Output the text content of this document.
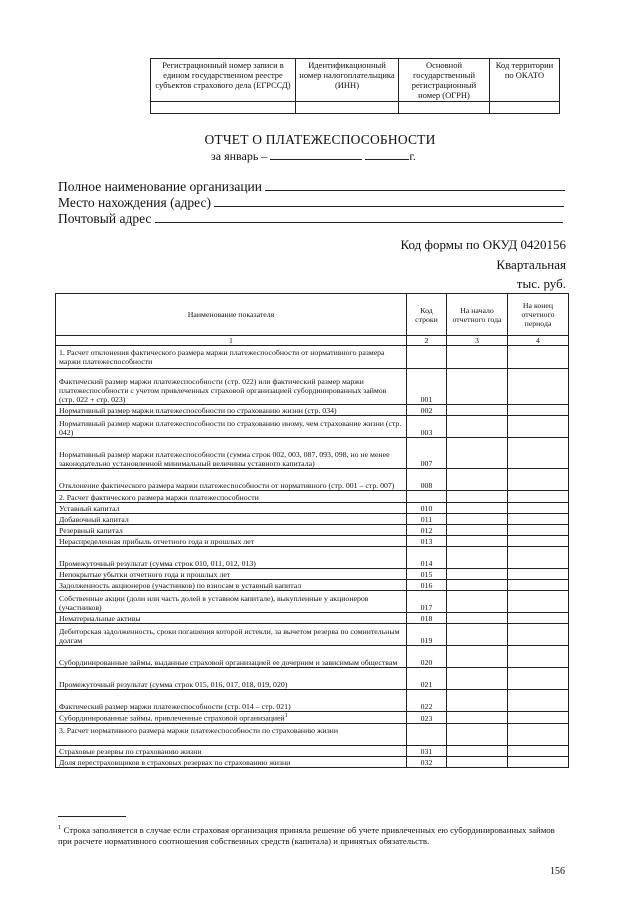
Регистрационный номер записи в едином государственном реестре субъектов страхового дела (ЕГРССД)	Идентификационный номер налогоплательщика (ИНН)	Основной государственный регистрационный номер (ОГРН)	Код территории по ОКАТО

ОТЧЕТ О ПЛАТЕЖЕСПОСОБНОСТИ
за январь –	г.
Полное наименование организации
Место нахождения (адрес)
Почтовый адрес
Код формы по ОКУД 0420156
Квартальная
тыс. руб.
Наименование показателя	Код строки	На начало отчетного года	На конец отчетного периода
1	2	3	4
1. Расчет отклонения фактического размера маржи платежеспособности от нормативного размера маржи платежеспособности			
Фактический размер маржи платежеспособности (стр. 022) или фактический размер маржи платежеспособности с учетом привлеченных страховой организацией субординированных займов (стр. 022 + стр. 023)	001		
Нормативный размер маржи платежеспособности по страхованию жизни (стр. 034)	002		
Нормативный размер маржи платежеспособности по страхованию иному, чем страхование жизни (стр. 042)	003		
Нормативный размер маржи платежеспособности (сумма строк 002, 003, 087, 093, 098, но не менее законодательно установленной минимальный величины уставного капитала)	007		
Отклонение фактического размера маржи платежеспособности от нормативного (стр. 001 – стр. 007)	008		
2. Расчет фактического размера маржи платежеспособности			
Уставный капитал	010		
Добавочный капитал	011		
Резервный капитал	012		
Нераспределенная прибыль отчетного года и прошлых лет	013		
Промежуточный результат (сумма строк 010, 011, 012, 013)	014		
Непокрытые убытки отчетного года и прошлых лет	015		
Задолженность акционеров (участников) по взносам в уставный капитал	016		
Собственные акции (доли или часть долей в уставном капитале), выкупленные у акционеров (участников)	017		
Нематериальные активы	018		
Дебиторская задолженность, сроки погашения которой истекли, за вычетом резерва по сомнительным долгам	019		
Субординированные займы, выданные страховой организацией ее дочерним и зависимым обществам	020		
Промежуточный результат (сумма строк 015, 016, 017, 018, 019, 020)	021		
Фактический размер маржи платежеспособности (стр. 014 – стр. 021)	022		
Субординированные займы, привлеченные страховой организацией$^1$	023		
3. Расчет нормативного размера маржи платежеспособности по страхованию жизни			
Страховые резервы по страхованию жизни	031		
Доля перестраховщиков в страховых резервах по страхованию жизни	032		
$^1$ Строка заполняется в случае если страховая организация приняла решение об учете привлеченных ею субординированных займов при расчете нормативного соотношения собственных средств (капитала) и принятых обязательств.
156
